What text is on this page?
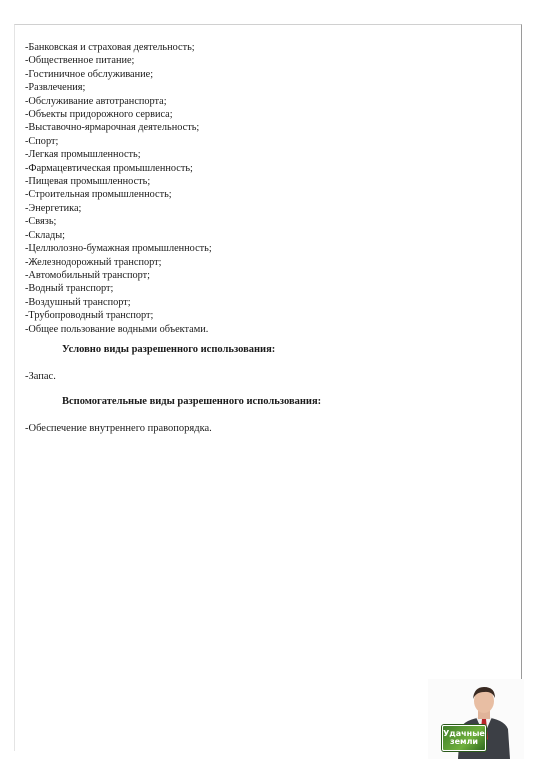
-Банковская и страховая деятельность;
-Общественное питание;
-Гостиничное обслуживание;
-Развлечения;
-Обслуживание автотранспорта;
-Объекты придорожного сервиса;
-Выставочно-ярмарочная деятельность;
-Спорт;
-Легкая промышленность;
-Фармацевтическая промышленность;
-Пищевая промышленность;
-Строительная промышленность;
-Энергетика;
-Связь;
-Склады;
-Целлюлозно-бумажная промышленность;
-Железнодорожный транспорт;
-Автомобильный транспорт;
-Водный транспорт;
-Воздушный транспорт;
-Трубопроводный транспорт;
-Общее пользование водными объектами.
Условно виды разрешенного использования:
-Запас.
Вспомогательные виды разрешенного использования:
-Обеспечение внутреннего правопорядка.
Удачные
земли
